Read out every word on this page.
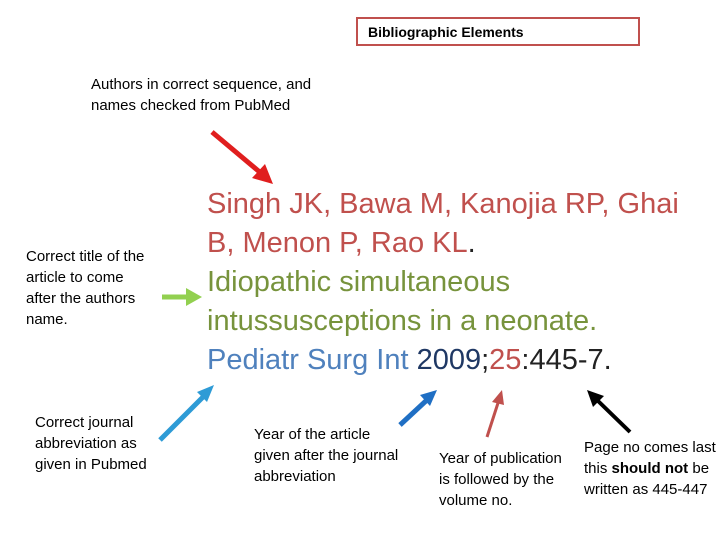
Bibliographic Elements
Authors in correct sequence, and names checked from PubMed
Correct title of the article to come after the authors name.
Correct journal abbreviation as given in Pubmed
Year of the article given after the journal abbreviation
Year of publication is followed by the volume no.
Page no comes last this should not be written as 445-447
Singh JK, Bawa M, Kanojia RP, Ghai
B, Menon P, Rao KL.
Idiopathic simultaneous
intussusceptions in a neonate.
Pediatr Surg Int 2009;25:445-7.
